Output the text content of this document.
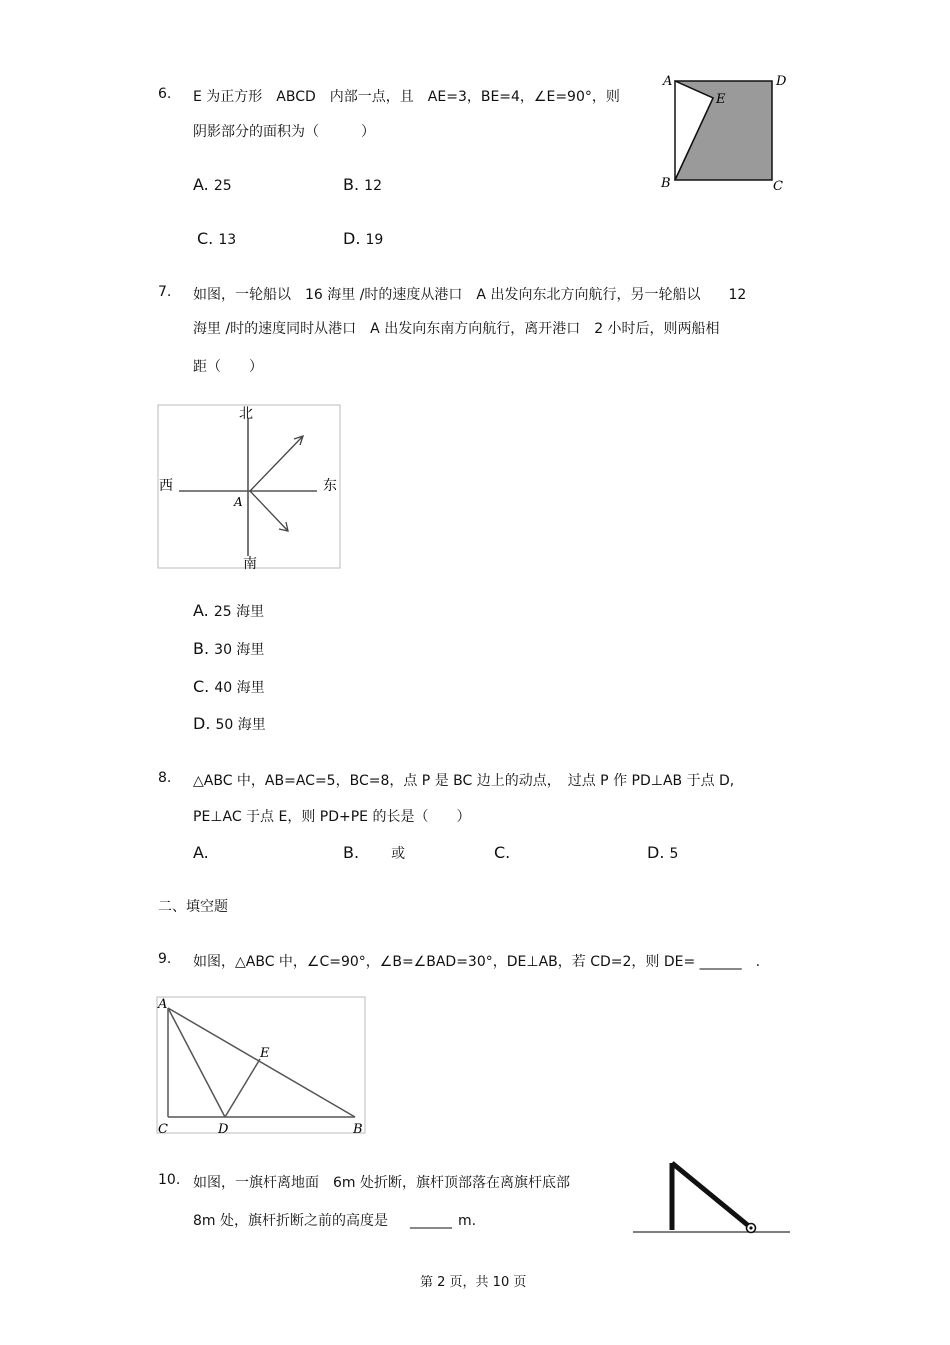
6. E 为正方形　ABCD　内部一点，且　AE=3，BE=4，∠E=90°，则
阴影部分的面积为（　　　）
A. 25	B. 12
C. 13	D. 19
A	D
E
B	C
7. 如图，一轮船以　16 海里 /时的速度从港口　A 出发向东北方向航行，另一轮船以　　12
海里 /时的速度同时从港口　A 出发向东南方向航行，离开港口　2 小时后，则两船相
距（　　）
北
西	东
南
A
A. 25 海里
B. 30 海里
C. 40 海里
D. 50 海里
8. △ABC 中，AB=AC=5，BC=8，点 P 是 BC 边上的动点，　过点 P 作 PD⊥AB 于点 D,
PE⊥AC 于点 E，则 PD+PE 的长是（　　）
A.	B. 或	C.	D. 5
二、填空题
9. 如图，△ABC 中，∠C=90°，∠B=∠BAD=30°，DE⊥AB，若 CD=2，则 DE= ______ .
A
E
C	D	B
10. 如图，一旗杆离地面　6m 处折断，旗杆顶部落在离旗杆底部
8m 处，旗杆折断之前的高度是 ______ m.
第 2 页，共 10 页
